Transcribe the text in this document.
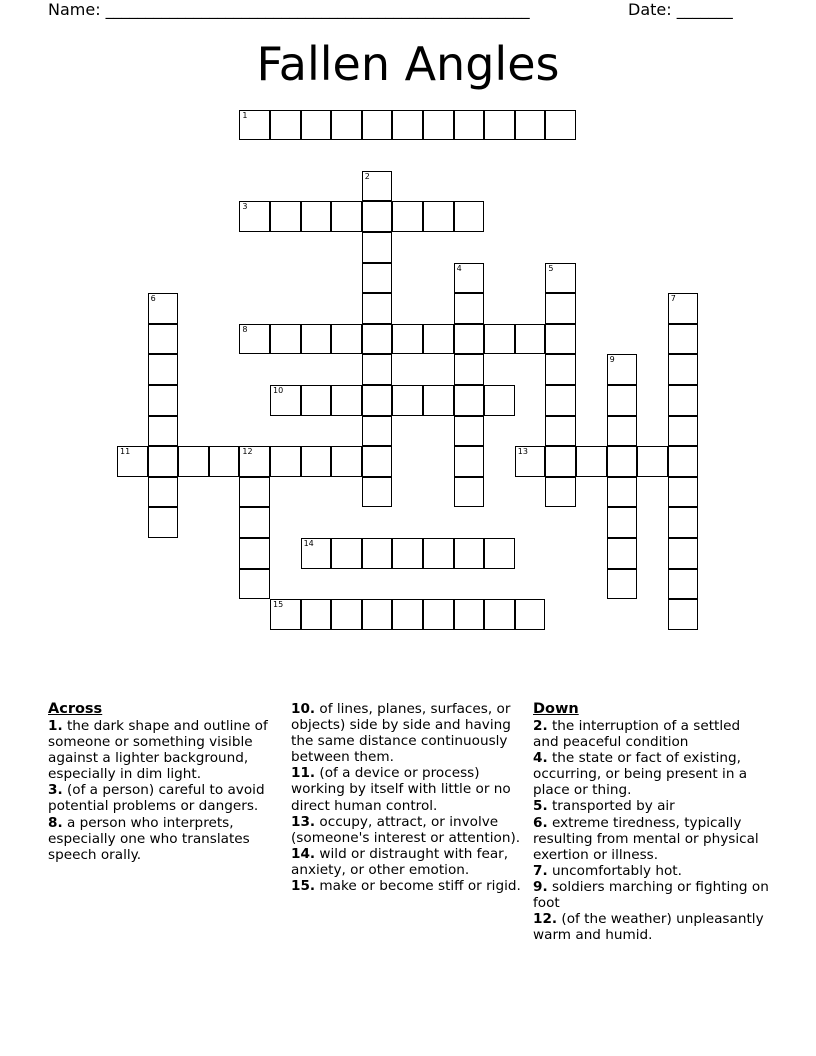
Name: _____________________________________________________	Date: _______
Fallen Angles
1
2
3
4	5
6	7
8
9
10
11	12	13
14
15
Across
1. the dark shape and outline of someone or something visible against a lighter background, especially in dim light.
3. (of a person) careful to avoid potential problems or dangers.
8. a person who interprets, especially one who translates speech orally.
10. of lines, planes, surfaces, or objects) side by side and having the same distance continuously between them.
11. (of a device or process) working by itself with little or no direct human control.
13. occupy, attract, or involve (someone's interest or attention).
14. wild or distraught with fear, anxiety, or other emotion.
15. make or become stiff or rigid.
Down
2. the interruption of a settled and peaceful condition
4. the state or fact of existing, occurring, or being present in a place or thing.
5. transported by air
6. extreme tiredness, typically resulting from mental or physical exertion or illness.
7. uncomfortably hot.
9. soldiers marching or fighting on foot
12. (of the weather) unpleasantly warm and humid.
